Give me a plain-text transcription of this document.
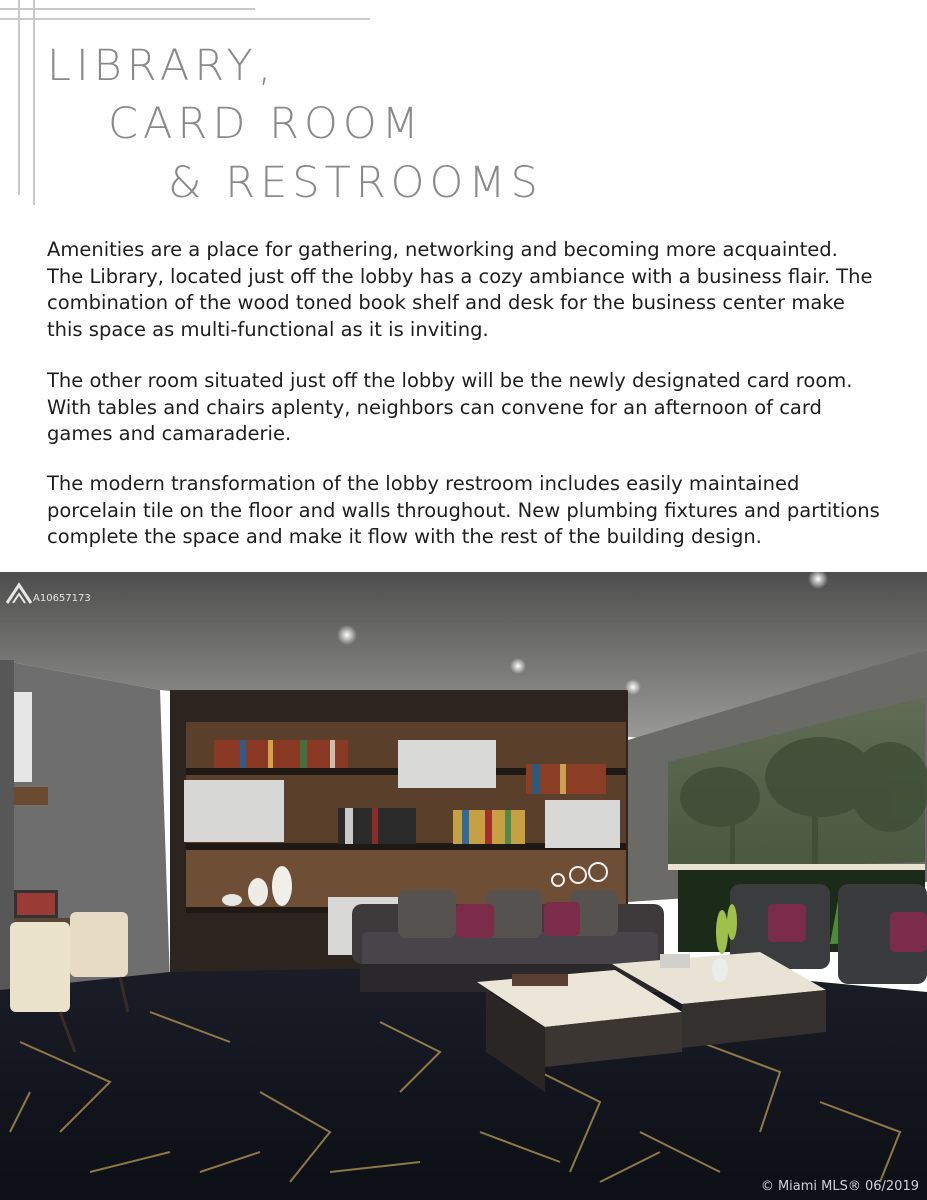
LIBRARY,
CARD ROOM
& RESTROOMS

Amenities are a place for gathering, networking and becoming more acquainted.

The Library, located just off the lobby has a cozy ambiance with a business flair. The

combination of the wood toned book shelf and desk for the business center make

this space as multi-functional as it is inviting.

The other room situated just off the lobby will be the newly designated card room.

With tables and chairs aplenty, neighbors can convene for an afternoon of card

games and camaraderie.

The modern transformation of the lobby restroom includes easily maintained

porcelain tile on the floor and walls throughout. New plumbing fixtures and partitions

complete the space and make it flow with the rest of the building design.

A10657173
© Miami MLS® 06/2019
